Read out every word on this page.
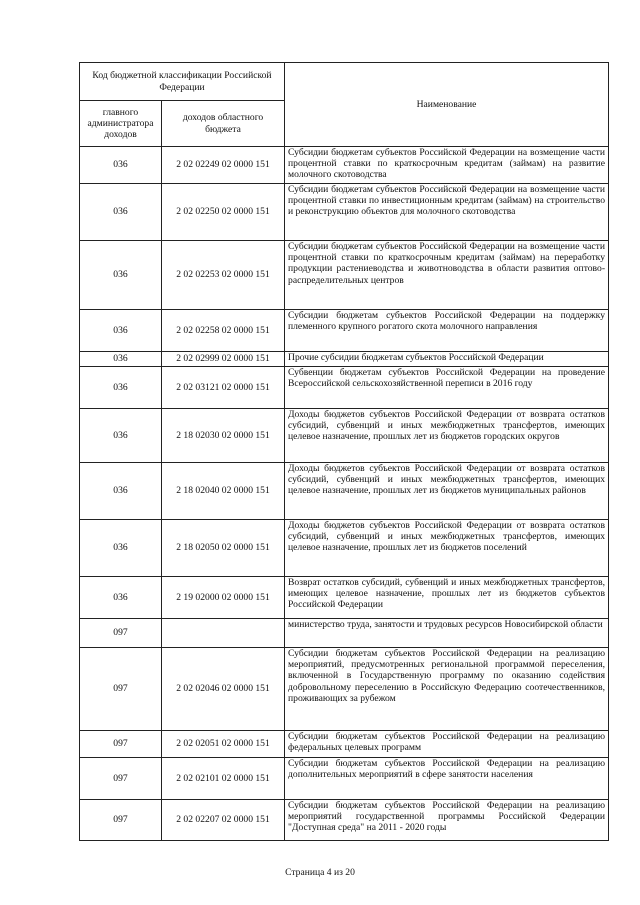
Код бюджетной классификации Российской Федерации		Наименование
главного администратора доходов	доходов областного бюджета	
036	2 02 02249 02 0000 151	Субсидии бюджетам субъектов Российской Федерации на возмещение части процентной ставки по краткосрочным кредитам (займам) на развитие молочного скотоводства
036	2 02 02250 02 0000 151	Субсидии бюджетам субъектов Российской Федерации на возмещение части процентной ставки по инвестиционным кредитам (займам) на строительство и реконструкцию объектов для молочного скотоводства
036	2 02 02253 02 0000 151	Субсидии бюджетам субъектов Российской Федерации на возмещение части процентной ставки по краткосрочным кредитам (займам) на переработку продукции растениеводства и животноводства в области развития оптово-распределительных центров
036	2 02 02258 02 0000 151	Субсидии бюджетам субъектов Российской Федерации на поддержку племенного крупного рогатого скота молочного направления
036	2 02 02999 02 0000 151	Прочие субсидии бюджетам субъектов Российской Федерации
036	2 02 03121 02 0000 151	Субвенции бюджетам субъектов Российской Федерации на проведение Всероссийской сельскохозяйственной переписи в 2016 году
036	2 18 02030 02 0000 151	Доходы бюджетов субъектов Российской Федерации от возврата остатков субсидий, субвенций и иных межбюджетных трансфертов, имеющих целевое назначение, прошлых лет из бюджетов городских округов
036	2 18 02040 02 0000 151	Доходы бюджетов субъектов Российской Федерации от возврата остатков субсидий, субвенций и иных межбюджетных трансфертов, имеющих целевое назначение, прошлых лет из бюджетов муниципальных районов
036	2 18 02050 02 0000 151	Доходы бюджетов субъектов Российской Федерации от возврата остатков субсидий, субвенций и иных межбюджетных трансфертов, имеющих целевое назначение, прошлых лет из бюджетов поселений
036	2 19 02000 02 0000 151	Возврат остатков субсидий, субвенций и иных межбюджетных трансфертов, имеющих целевое назначение, прошлых лет из бюджетов субъектов Российской Федерации
097		министерство труда, занятости и трудовых ресурсов Новосибирской области
097	2 02 02046 02 0000 151	Субсидии бюджетам субъектов Российской Федерации на реализацию мероприятий, предусмотренных региональной программой переселения, включенной в Государственную программу по оказанию содействия добровольному переселению в Российскую Федерацию соотечественников, проживающих за рубежом
097	2 02 02051 02 0000 151	Субсидии бюджетам субъектов Российской Федерации на реализацию федеральных целевых программ
097	2 02 02101 02 0000 151	Субсидии бюджетам субъектов Российской Федерации на реализацию дополнительных мероприятий в сфере занятости населения
097	2 02 02207 02 0000 151	Субсидии бюджетам субъектов Российской Федерации на реализацию мероприятий государственной программы Российской Федерации "Доступная среда" на 2011 - 2020 годы
Страница 4 из 20
